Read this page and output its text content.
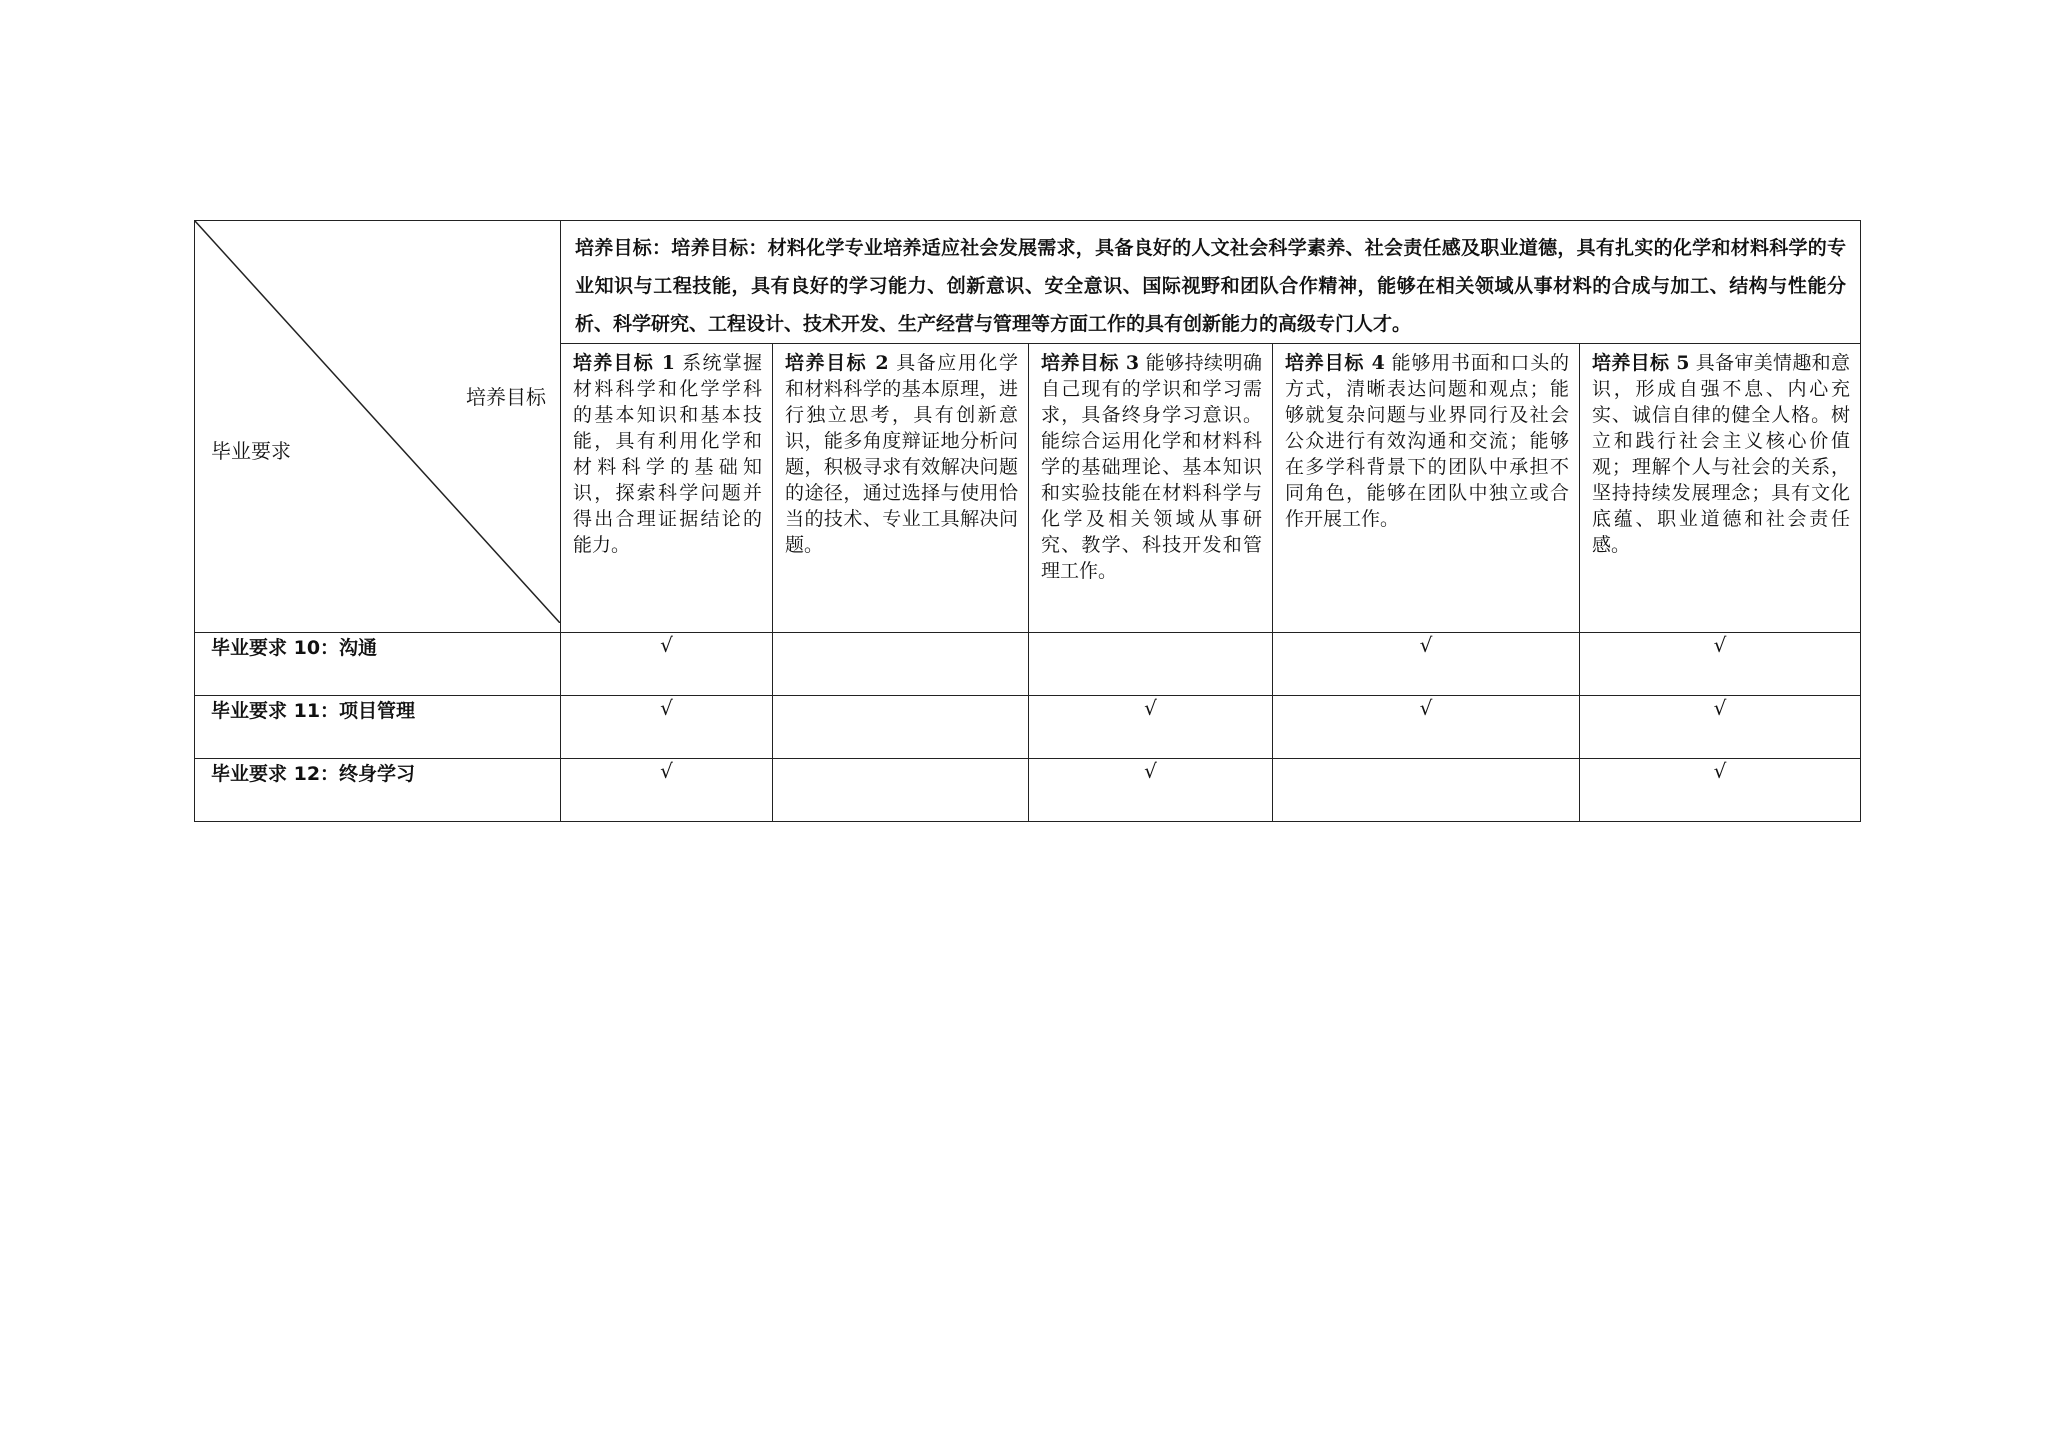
培养目标
毕业要求	培养目标：培养目标：材料化学专业培养适应社会发展需求，具备良好的人文社会科学素养、社会责任感及职业道德，具有扎实的化学和材料科学的专业知识与工程技能，具有良好的学习能力、创新意识、安全意识、国际视野和团队合作精神，能够在相关领域从事材料的合成与加工、结构与性能分析、科学研究、工程设计、技术开发、生产经营与管理等方面工作的具有创新能力的高级专门人才。				

	培养目标 1 系统掌握材料科学和化学学科的基本知识和基本技能，具有利用化学和材料科学的基础知识，探索科学问题并得出合理证据结论的能力。	培养目标 2 具备应用化学和材料科学的基本原理，进行独立思考，具有创新意识，能多角度辩证地分析问题，积极寻求有效解决问题的途径，通过选择与使用恰当的技术、专业工具解决问题。	培养目标 3 能够持续明确自己现有的学识和学习需求，具备终身学习意识。能综合运用化学和材料科学的基础理论、基本知识和实验技能在材料科学与化学及相关领域从事研究、教学、科技开发和管理工作。	培养目标 4 能够用书面和口头的方式，清晰表达问题和观点；能够就复杂问题与业界同行及社会公众进行有效沟通和交流；能够在多学科背景下的团队中承担不同角色，能够在团队中独立或合作开展工作。	培养目标 5 具备审美情趣和意识，形成自强不息、内心充实、诚信自律的健全人格。树立和践行社会主义核心价值观；理解个人与社会的关系，坚持持续发展理念；具有文化底蕴、职业道德和社会责任感。
毕业要求 10：沟通	√			√	√
毕业要求 11：项目管理	√		√	√	√
毕业要求 12：终身学习	√		√		√
